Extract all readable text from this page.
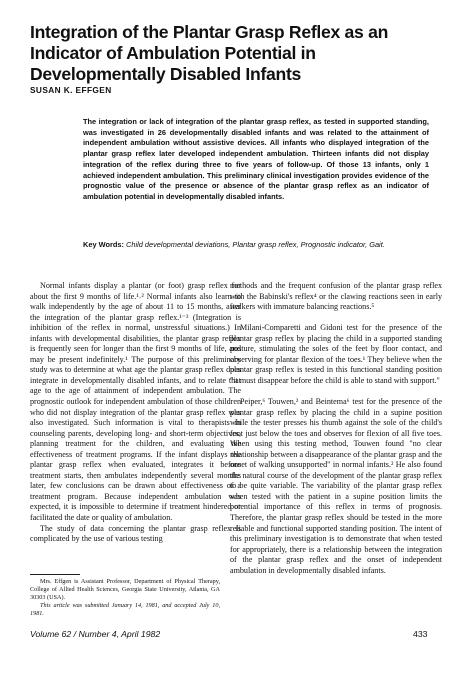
Integration of the Plantar Grasp Reflex as an Indicator of Ambulation Potential in Developmentally Disabled Infants

SUSAN K. EFFGEN

The integration or lack of integration of the plantar grasp reflex, as tested in supported standing, was investigated in 26 developmentally disabled infants and was related to the attainment of independent ambulation without assistive devices. All infants who displayed integration of the plantar grasp reflex later developed independent ambulation. Thirteen infants did not display integration of the reflex during three to five years of follow-up. Of those 13 infants, only 1 achieved independent ambulation. This preliminary clinical investigation provides evidence of the prognostic value of the presence or absence of the plantar grasp reflex as an indicator of ambulation potential in developmentally disabled infants.

Key Words: Child developmental deviations, Plantar grasp reflex, Prognostic indicator, Gait.

Normal infants display a plantar (or foot) grasp reflex for about the first 9 months of life.¹˒² Normal infants also learn to walk independently by the age of about 11 to 15 months, after the integration of the plantar grasp reflex.¹⁻³ (Integration is inhibition of the reflex in normal, unstressful situations.) In infants with developmental disabilities, the plantar grasp reflex is frequently seen for longer than the first 9 months of life, and may be present indefinitely.¹ The purpose of this preliminary study was to determine at what age the plantar grasp reflex does integrate in developmentally disabled infants, and to relate that age to the age of attainment of independent ambulation. The prognostic outlook for independent ambulation of those children who did not display integration of the plantar grasp reflex was also investigated. Such information is vital to therapists in counseling parents, developing long- and short-term objectives, planning treatment for the children, and evaluating the effectiveness of treatment programs. If the infant displays the plantar grasp reflex when evaluated, integrates it before treatment starts, then ambulates independently several months later, few conclusions can be drawn about effectiveness of a treatment program. Because independent ambulation was expected, it is impossible to determine if treatment hindered or facilitated the date or quality of ambulation.

The study of data concerning the plantar grasp reflex is complicated by the use of various testing

methods and the frequent confusion of the plantar grasp reflex with the Babinski's reflex⁴ or the clawing reactions seen in early walkers with immature balancing reactions.⁵

Milani-Comparetti and Gidoni test for the presence of the plantar grasp reflex by placing the child in a supported standing posture, stimulating the soles of the feet by floor contact, and observing for plantar flexion of the toes.¹ They believe when the plantar grasp reflex is tested in this functional standing position "it must disappear before the child is able to stand with support."

Peiper,⁶ Touwen,² and Beintema⁶ test for the presence of the plantar grasp reflex by placing the child in a supine position while the tester presses his thumb against the sole of the child's foot just below the toes and observes for flexion of all five toes. When using this testing method, Touwen found "no clear relationship between a disappearance of the plantar grasp and the onset of walking unsupported" in normal infants.² He also found the natural course of the development of the plantar grasp reflex to be quite variable. The variability of the plantar grasp reflex when tested with the patient in a supine position limits the potential importance of this reflex in terms of prognosis. Therefore, the plantar grasp reflex should be tested in the more reliable and functional supported standing position. The intent of this preliminary investigation is to demonstrate that when tested for appropriately, there is a relationship between the integration of the plantar grasp reflex and the onset of independent ambulation in developmentally disabled infants.

Mrs. Effgen is Assistant Professor, Department of Physical Therapy, College of Allied Health Sciences, Georgia State University, Atlanta, GA 30303 (USA).

This article was submitted January 14, 1981, and accepted July 10, 1981.

Volume 62 / Number 4, April 1982	433
